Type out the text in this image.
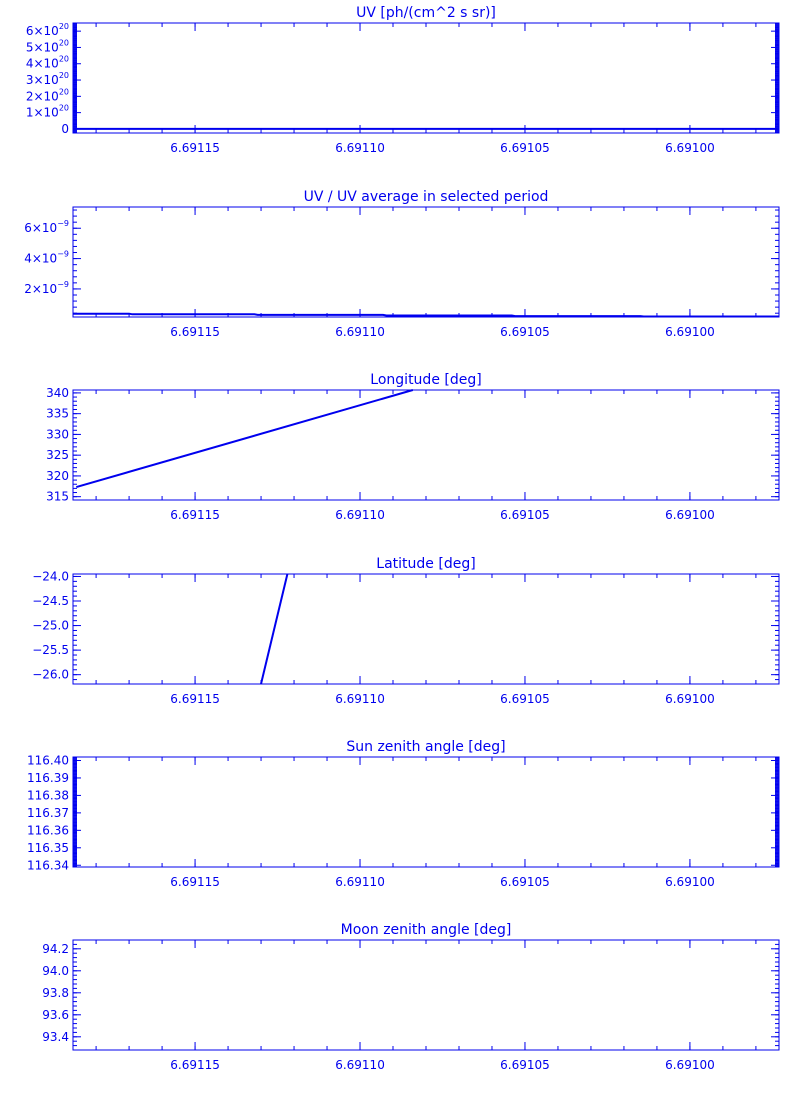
UV [ph/(cm^2 s sr)]
6.69115	6.69110	6.69105	6.69100
0
$1\times 10^{20}$
$2\times 10^{20}$
$3\times 10^{20}$
$4\times 10^{20}$
$5\times 10^{20}$
$6\times 10^{20}$
UV / UV average in selected period
6.69115	6.69110	6.69105	6.69100
$2\times 10^{-9}$
$4\times 10^{-9}$
$6\times 10^{-9}$
Longitude [deg]
6.69115	6.69110	6.69105	6.69100
315
320
325
330
335
340
Latitude [deg]
6.69115	6.69110	6.69105	6.69100
−26.0
−25.5
−25.0
−24.5
−24.0
Sun zenith angle [deg]
6.69115	6.69110	6.69105	6.69100
116.34
116.35
116.36
116.37
116.38
116.39
116.40
Moon zenith angle [deg]
6.69115	6.69110	6.69105	6.69100
93.4
93.6
93.8
94.0
94.2
